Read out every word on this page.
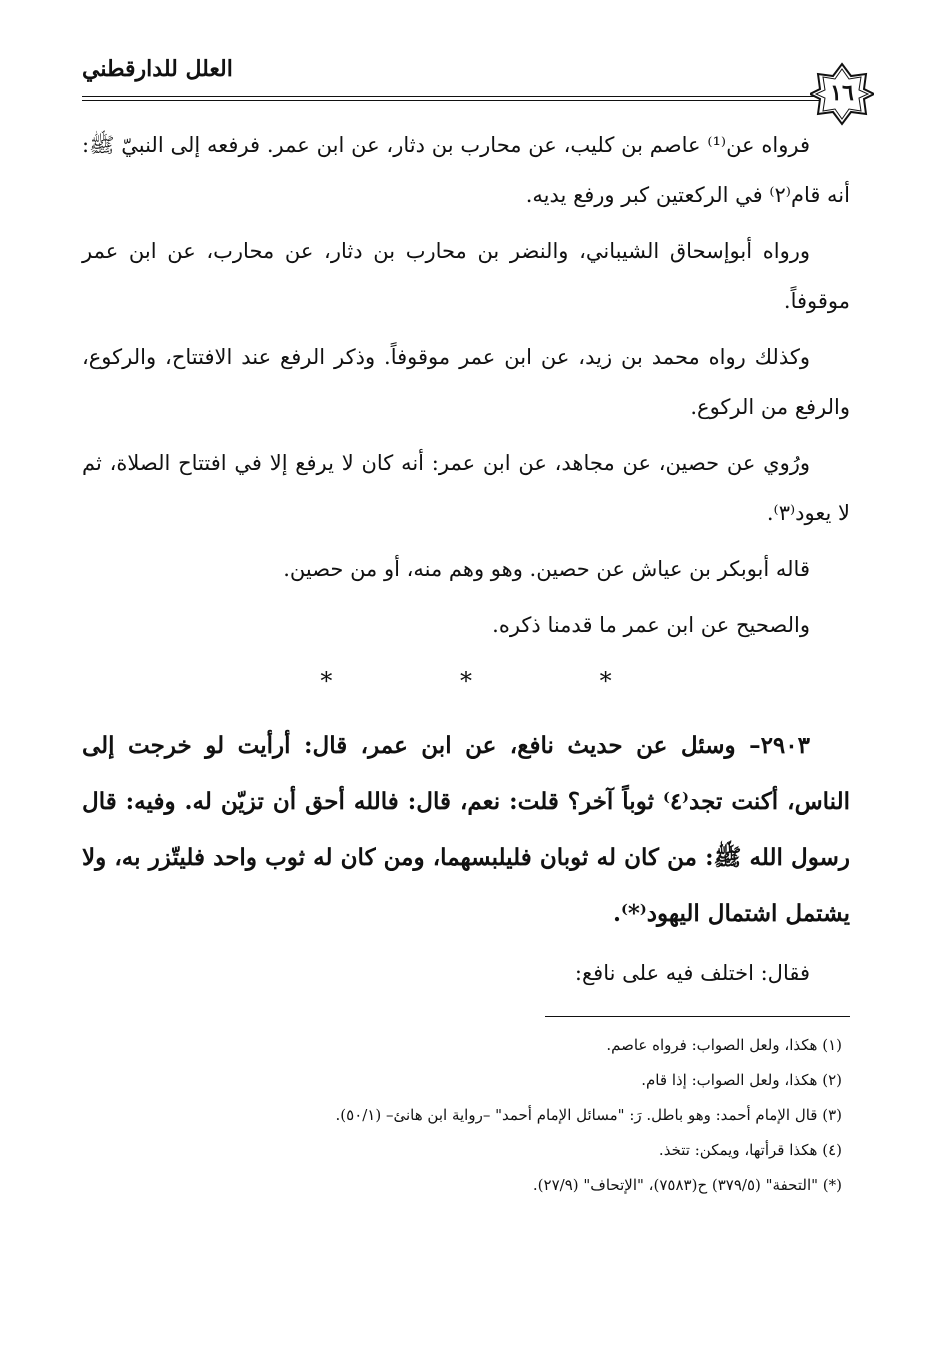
العلل للدارقطني
١٦

فرواه عن⁽¹⁾ عاصم بن كليب، عن محارب بن دثار، عن ابن عمر. فرفعه إلى النبيّ ﷺ: أنه قام⁽٢⁾ في الركعتين كبر ورفع يديه.

ورواه أبوإسحاق الشيباني، والنضر بن محارب بن دثار، عن محارب، عن ابن عمر موقوفاً.

وكذلك رواه محمد بن زيد، عن ابن عمر موقوفاً. وذكر الرفع عند الافتتاح، والركوع، والرفع من الركوع.

ورُوي عن حصين، عن مجاهد، عن ابن عمر: أنه كان لا يرفع إلا في افتتاح الصلاة، ثم لا يعود⁽٣⁾.

قاله أبوبكر بن عياش عن حصين. وهو وهم منه، أو من حصين.

والصحيح عن ابن عمر ما قدمنا ذكره.

* * *

٢٩٠٣– وسئل عن حديث نافع، عن ابن عمر، قال: أرأيت لو خرجت إلى الناس، أكنت تجد⁽٤⁾ ثوباً آخر؟ قلت: نعم، قال: فالله أحق أن تزيّن له. وفيه: قال رسول الله ﷺ: من كان له ثوبان فليلبسهما، ومن كان له ثوب واحد فليتّزر به، ولا يشتمل اشتمال اليهود⁽*⁾.

فقال: اختلف فيه على نافع:

(١) هكذا، ولعل الصواب: فرواه عاصم.

(٢) هكذا، ولعل الصواب: إذا قام.

(٣) قال الإمام أحمد: وهو باطل. رَ: "مسائل الإمام أحمد" –رواية ابن هانئ– (٥٠/١).

(٤) هكذا قرأتها، ويمكن: تتخذ.

(*) "التحفة" (٣٧٩/٥) ح(٧٥٨٣)، "الإتحاف" (٢٧/٩).
